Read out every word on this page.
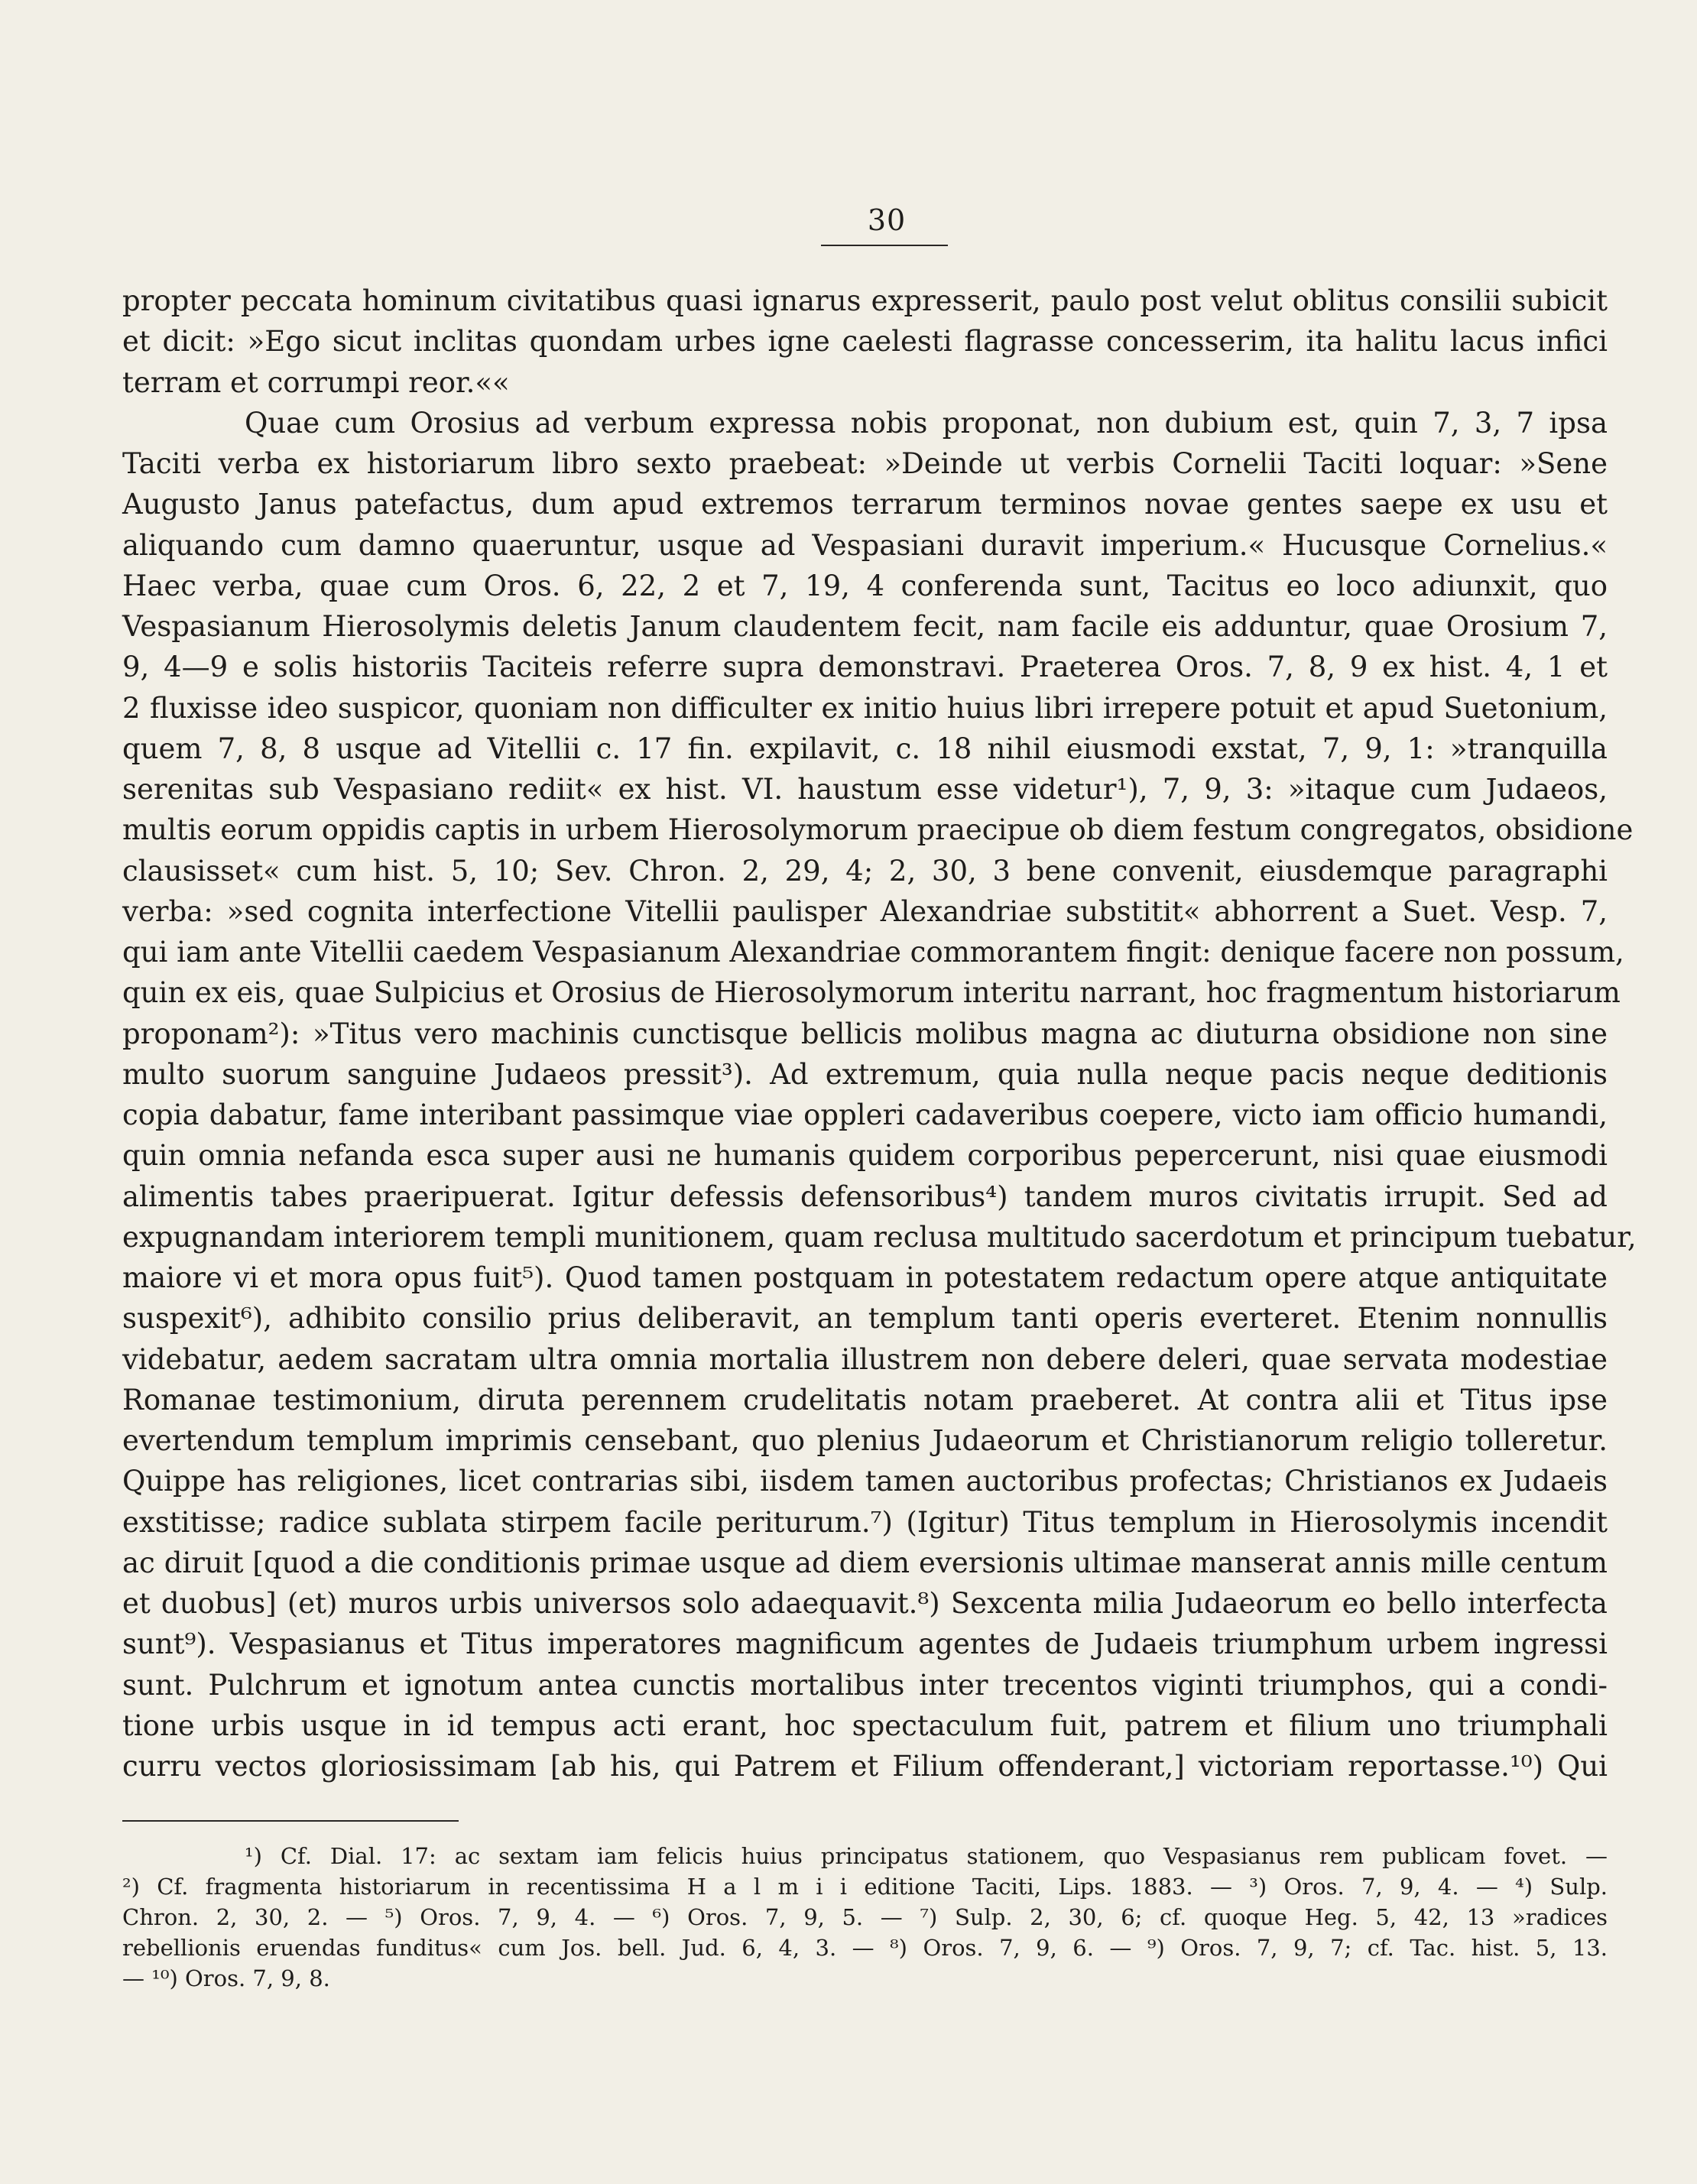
30
propter peccata hominum civitatibus quasi ignarus expresserit, paulo post velut oblitus consilii subicit
et dicit: »Ego sicut inclitas quondam urbes igne caelesti flagrasse concesserim, ita halitu lacus infici
terram et corrumpi reor.««
Quae cum Orosius ad verbum expressa nobis proponat, non dubium est, quin 7, 3, 7 ipsa
Taciti verba ex historiarum libro sexto praebeat: »Deinde ut verbis Cornelii Taciti loquar: »Sene
Augusto Janus patefactus, dum apud extremos terrarum terminos novae gentes saepe ex usu et
aliquando cum damno quaeruntur, usque ad Vespasiani duravit imperium.« Hucusque Cornelius.«
Haec verba, quae cum Oros. 6, 22, 2 et 7, 19, 4 conferenda sunt, Tacitus eo loco adiunxit, quo
Vespasianum Hierosolymis deletis Janum claudentem fecit, nam facile eis adduntur, quae Orosium 7,
9, 4—9 e solis historiis Taciteis referre supra demonstravi. Praeterea Oros. 7, 8, 9 ex hist. 4, 1 et
2 fluxisse ideo suspicor, quoniam non difficulter ex initio huius libri irrepere potuit et apud Suetonium,
quem 7, 8, 8 usque ad Vitellii c. 17 fin. expilavit, c. 18 nihil eiusmodi exstat, 7, 9, 1: »tranquilla
serenitas sub Vespasiano rediit« ex hist. VI. haustum esse videtur¹), 7, 9, 3: »itaque cum Judaeos,
multis eorum oppidis captis in urbem Hierosolymorum praecipue ob diem festum congregatos, obsidione
clausisset« cum hist. 5, 10; Sev. Chron. 2, 29, 4; 2, 30, 3 bene convenit, eiusdemque paragraphi
verba: »sed cognita interfectione Vitellii paulisper Alexandriae substitit« abhorrent a Suet. Vesp. 7,
qui iam ante Vitellii caedem Vespasianum Alexandriae commorantem fingit: denique facere non possum,
quin ex eis, quae Sulpicius et Orosius de Hierosolymorum interitu narrant, hoc fragmentum historiarum
proponam²): »Titus vero machinis cunctisque bellicis molibus magna ac diuturna obsidione non sine
multo suorum sanguine Judaeos pressit³). Ad extremum, quia nulla neque pacis neque deditionis
copia dabatur, fame interibant passimque viae oppleri cadaveribus coepere, victo iam officio humandi,
quin omnia nefanda esca super ausi ne humanis quidem corporibus pepercerunt, nisi quae eiusmodi
alimentis tabes praeripuerat. Igitur defessis defensoribus⁴) tandem muros civitatis irrupit. Sed ad
expugnandam interiorem templi munitionem, quam reclusa multitudo sacerdotum et principum tuebatur,
maiore vi et mora opus fuit⁵). Quod tamen postquam in potestatem redactum opere atque antiquitate
suspexit⁶), adhibito consilio prius deliberavit, an templum tanti operis everteret. Etenim nonnullis
videbatur, aedem sacratam ultra omnia mortalia illustrem non debere deleri, quae servata modestiae
Romanae testimonium, diruta perennem crudelitatis notam praeberet. At contra alii et Titus ipse
evertendum templum imprimis censebant, quo plenius Judaeorum et Christianorum religio tolleretur.
Quippe has religiones, licet contrarias sibi, iisdem tamen auctoribus profectas; Christianos ex Judaeis
exstitisse; radice sublata stirpem facile periturum.⁷) (Igitur) Titus templum in Hierosolymis incendit
ac diruit [quod a die conditionis primae usque ad diem eversionis ultimae manserat annis mille centum
et duobus] (et) muros urbis universos solo adaequavit.⁸) Sexcenta milia Judaeorum eo bello interfecta
sunt⁹). Vespasianus et Titus imperatores magnificum agentes de Judaeis triumphum urbem ingressi
sunt. Pulchrum et ignotum antea cunctis mortalibus inter trecentos viginti triumphos, qui a condi-
tione urbis usque in id tempus acti erant, hoc spectaculum fuit, patrem et filium uno triumphali
curru vectos gloriosissimam [ab his, qui Patrem et Filium offenderant,] victoriam reportasse.¹⁰) Qui
¹) Cf. Dial. 17: ac sextam iam felicis huius principatus stationem, quo Vespasianus rem publicam fovet. —
²) Cf. fragmenta historiarum in recentissima H a l m i i editione Taciti, Lips. 1883. — ³) Oros. 7, 9, 4. — ⁴) Sulp.
Chron. 2, 30, 2. — ⁵) Oros. 7, 9, 4. — ⁶) Oros. 7, 9, 5. — ⁷) Sulp. 2, 30, 6; cf. quoque Heg. 5, 42, 13 »radices
rebellionis eruendas funditus« cum Jos. bell. Jud. 6, 4, 3. — ⁸) Oros. 7, 9, 6. — ⁹) Oros. 7, 9, 7; cf. Tac. hist. 5, 13.
— ¹⁰) Oros. 7, 9, 8.
